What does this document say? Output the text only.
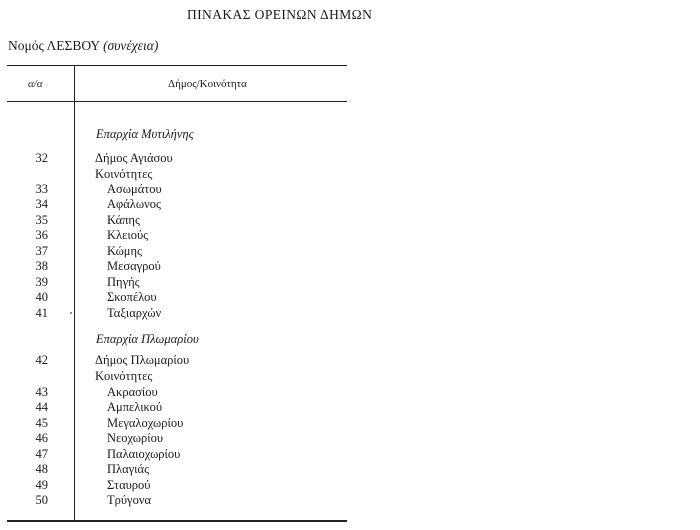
ΠΙΝΑΚΑΣ ΟΡΕΙΝΩΝ ΔΗΜΩΝ
Νομός ΛΕΣΒΟΥ (συνέχεια)
α/α	Δήμος/Κοινότητα
Επαρχία Μυτιλήνης
32	Δήμος Αγιάσου
Κοινότητες
33	Ασωμάτου
34	Αφάλωνος
35	Κάπης
36	Κλειούς
37	Κώμης
38	Μεσαγρού
39	Πηγής
40	Σκοπέλου
41	Ταξιαρχών
Επαρχία Πλωμαρίου
42	Δήμος Πλωμαρίου
Κοινότητες
43	Ακρασίου
44	Αμπελικού
45	Μεγαλοχωρίου
46	Νεοχωρίου
47	Παλαιοχωρίου
48	Πλαγιάς
49	Σταυρού
50	Τρύγονα
